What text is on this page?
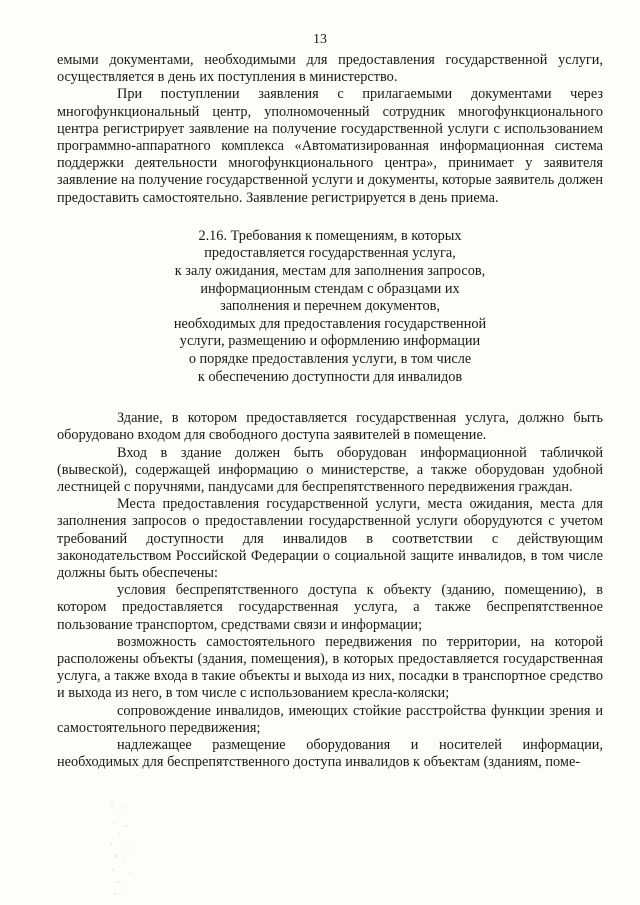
13

емыми документами, необходимыми для предоставления государственной услуги, осуществляется в день их поступления в министерство.

При поступлении заявления с прилагаемыми документами через многофункциональный центр, уполномоченный сотрудник многофункционального центра регистрирует заявление на получение государственной услуги с использованием программно-аппаратного комплекса «Автоматизированная информационная система поддержки деятельности многофункционального центра», принимает у заявителя заявление на получение государственной услуги и документы, которые заявитель должен предоставить самостоятельно. Заявление регистрируется в день приема.

2.16. Требования к помещениям, в которых
предоставляется государственная услуга,
к залу ожидания, местам для заполнения запросов,
информационным стендам с образцами их
заполнения и перечнем документов,
необходимых для предоставления государственной
услуги, размещению и оформлению информации
о порядке предоставления услуги, в том числе
к обеспечению доступности для инвалидов

Здание, в котором предоставляется государственная услуга, должно быть оборудовано входом для свободного доступа заявителей в помещение.

Вход в здание должен быть оборудован информационной табличкой (вывеской), содержащей информацию о министерстве, а также оборудован удобной лестницей с поручнями, пандусами для беспрепятственного передвижения граждан.

Места предоставления государственной услуги, места ожидания, места для заполнения запросов о предоставлении государственной услуги оборудуются с учетом требований доступности для инвалидов в соответствии с действующим законодательством Российской Федерации о социальной защите инвалидов, в том числе должны быть обеспечены:

условия беспрепятственного доступа к объекту (зданию, помещению), в котором предоставляется государственная услуга, а также беспрепятственное пользование транспортом, средствами связи и информации;

возможность самостоятельного передвижения по территории, на которой расположены объекты (здания, помещения), в которых предоставляется государственная услуга, а также входа в такие объекты и выхода из них, посадки в транспортное средство и выхода из него, в том числе с использованием кресла-коляски;

сопровождение инвалидов, имеющих стойкие расстройства функции зрения и самостоятельного передвижения;

надлежащее размещение оборудования и носителей информации, необходимых для беспрепятственного доступа инвалидов к объектам (зданиям, поме-
